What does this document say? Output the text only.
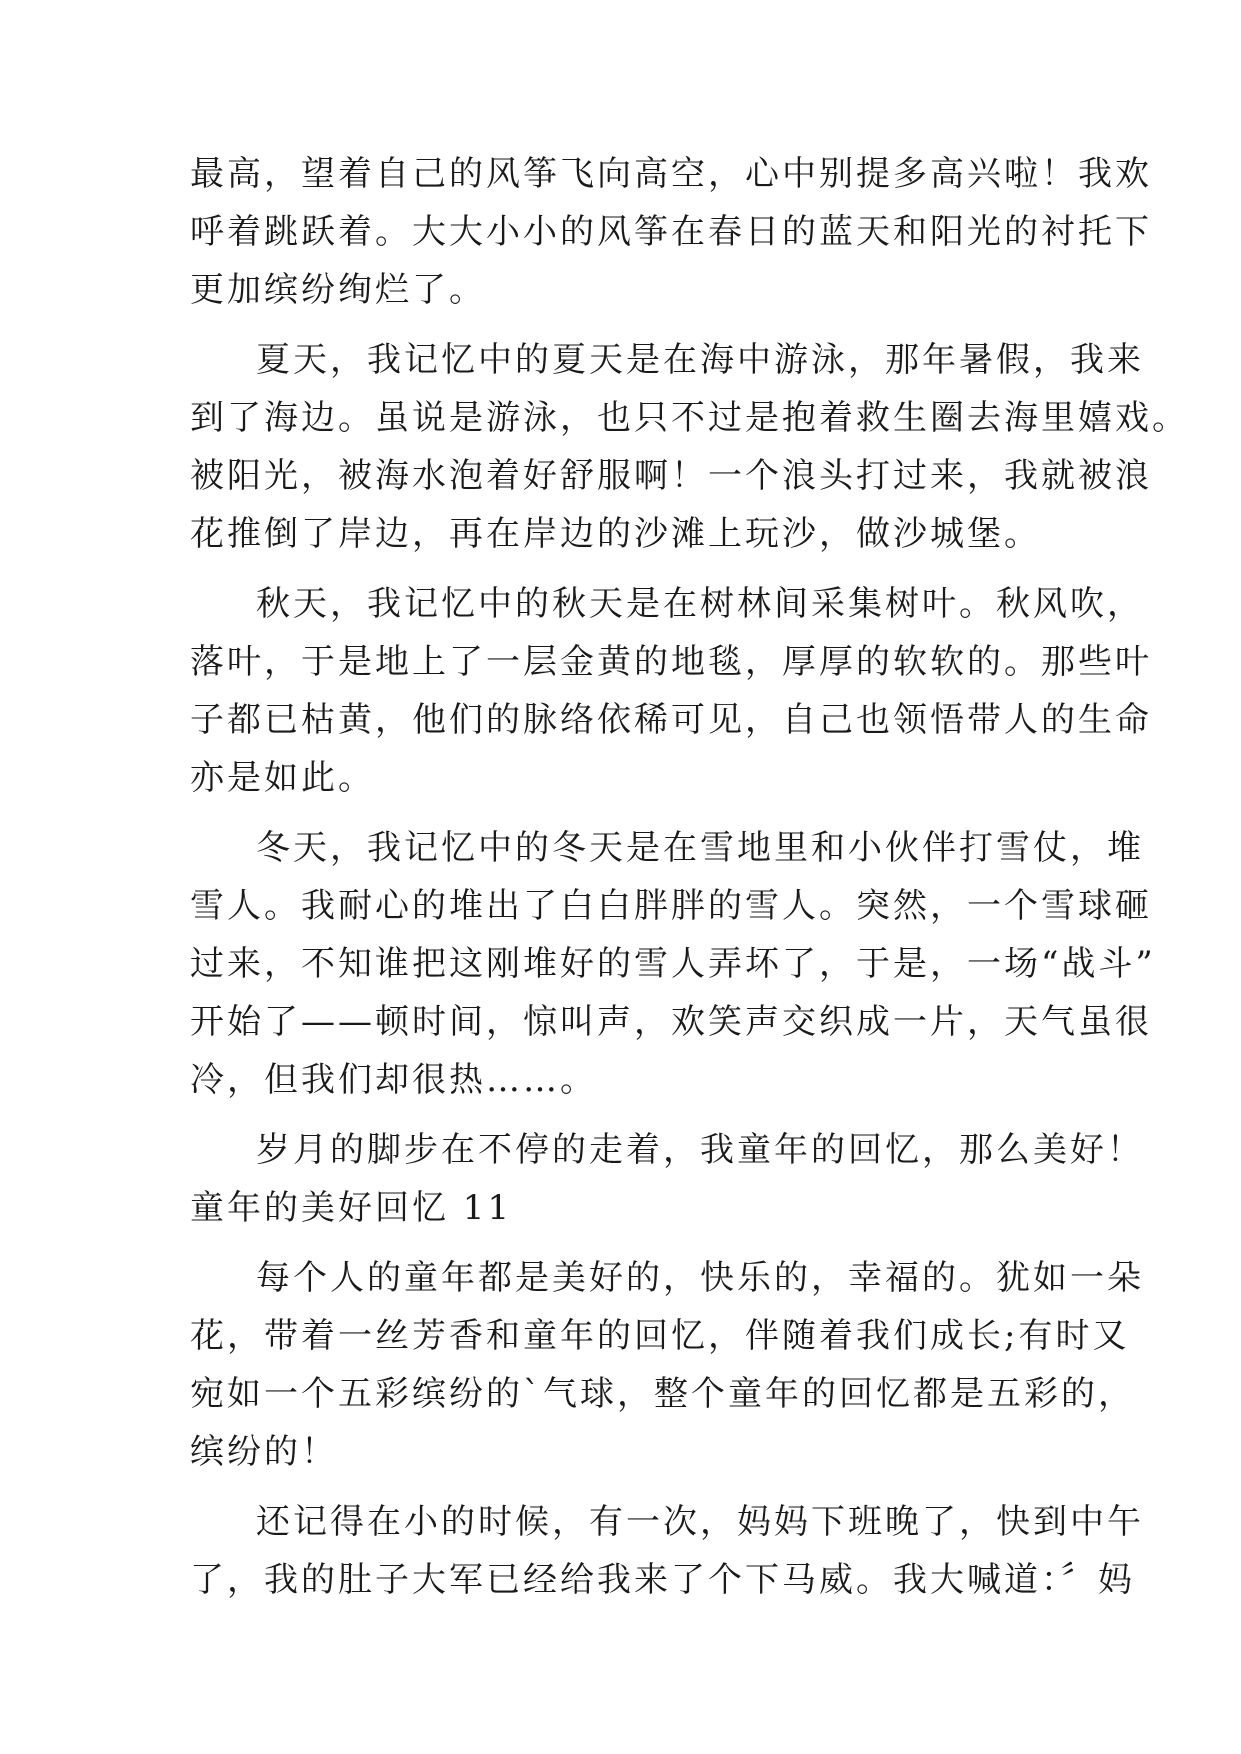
最高，望着自己的风筝飞向高空，心中别提多高兴啦！我欢
呼着跳跃着。大大小小的风筝在春日的蓝天和阳光的衬托下
更加缤纷绚烂了。
夏天，我记忆中的夏天是在海中游泳，那年暑假，我来
到了海边。虽说是游泳，也只不过是抱着救生圈去海里嬉戏。
被阳光，被海水泡着好舒服啊！一个浪头打过来，我就被浪
花推倒了岸边，再在岸边的沙滩上玩沙，做沙城堡。
秋天，我记忆中的秋天是在树林间采集树叶。秋风吹，
落叶，于是地上了一层金黄的地毯，厚厚的软软的。那些叶
子都已枯黄，他们的脉络依稀可见，自己也领悟带人的生命
亦是如此。
冬天，我记忆中的冬天是在雪地里和小伙伴打雪仗，堆
雪人。我耐心的堆出了白白胖胖的雪人。突然，一个雪球砸
过来，不知谁把这刚堆好的雪人弄坏了，于是，一场“战斗”
开始了——顿时间，惊叫声，欢笑声交织成一片，天气虽很
冷，但我们却很热……。
岁月的脚步在不停的走着，我童年的回忆，那么美好！
童年的美好回忆 11
每个人的童年都是美好的，快乐的，幸福的。犹如一朵
花，带着一丝芳香和童年的回忆，伴随着我们成长;有时又
宛如一个五彩缤纷的`气球，整个童年的回忆都是五彩的，
缤纷的！
还记得在小的时候，有一次，妈妈下班晚了，快到中午
了，我的肚子大军已经给我来了个下马威。我大喊道：〞妈
